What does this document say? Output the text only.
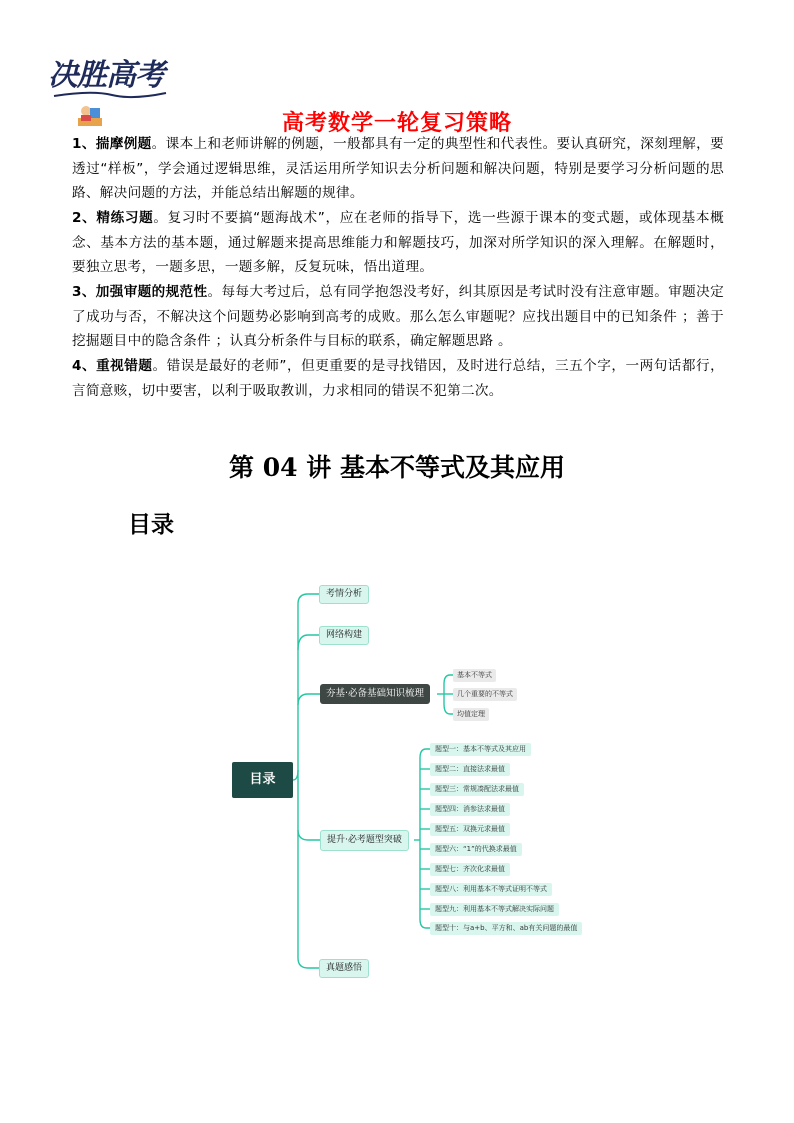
决胜高考
高考数学一轮复习策略
1、揣摩例题。课本上和老师讲解的例题，一般都具有一定的典型性和代表性。要认真研究，深刻理解，要透过“样板”，学会通过逻辑思维，灵活运用所学知识去分析问题和解决问题，特别是要学习分析问题的思路、解决问题的方法，并能总结出解题的规律。
2、精练习题。复习时不要搞“题海战术”，应在老师的指导下，选一些源于课本的变式题，或体现基本概念、基本方法的基本题，通过解题来提高思维能力和解题技巧，加深对所学知识的深入理解。在解题时，要独立思考，一题多思，一题多解，反复玩味，悟出道理。
3、加强审题的规范性。每每大考过后，总有同学抱怨没考好，纠其原因是考试时没有注意审题。审题决定了成功与否，不解决这个问题势必影响到高考的成败。那么怎么审题呢？应找出题目中的已知条件 ；善于挖掘题目中的隐含条件 ；认真分析条件与目标的联系，确定解题思路 。
4、重视错题。错误是最好的老师”，但更重要的是寻找错因，及时进行总结，三五个字，一两句话都行，言简意赅，切中要害，以利于吸取教训，力求相同的错误不犯第二次。
第 04 讲 基本不等式及其应用
目录
目录
考情分析
网络构建
夯基·必备基础知识梳理
提升·必考题型突破
真题感悟
基本不等式
几个重要的不等式
均值定理
题型一：基本不等式及其应用
题型二：直接法求最值
题型三：常规凑配法求最值
题型四：消参法求最值
题型五：双换元求最值
题型六：“1”的代换求最值
题型七：齐次化求最值
题型八：利用基本不等式证明不等式
题型九：利用基本不等式解决实际问题
题型十：与a+b、平方和、ab有关问题的最值
